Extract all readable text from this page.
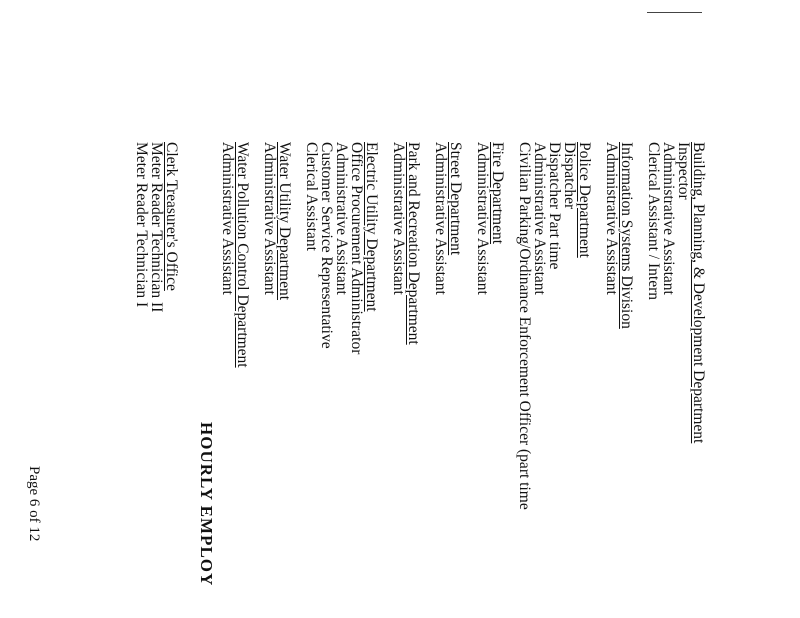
Building, Planning, & Development Department
Inspector
Administrative Assistant
Clerical Assistant / Intern
Information Systems Division
Administrative Assistant
Police Department
Dispatcher
Dispatcher Part time
Administrative Assistant
Civilian Parking/Ordinance Enforcement Officer (part time
Fire Department
Administrative Assistant
Street Department
Administrative Assistant
Park and Recreation Department
Administrative Assistant
Electric Utility Department
Office Procurement Administrator
Administrative Assistant
Customer Service Representative
Clerical Assistant
Water Utility Department
Administrative Assistant
Water Pollution Control Department
Administrative Assistant
Clerk Treasurer's Office
Meter Reader Technician II
Meter Reader Technician I
HOURLY EMPLOY
Page 6 of 12
